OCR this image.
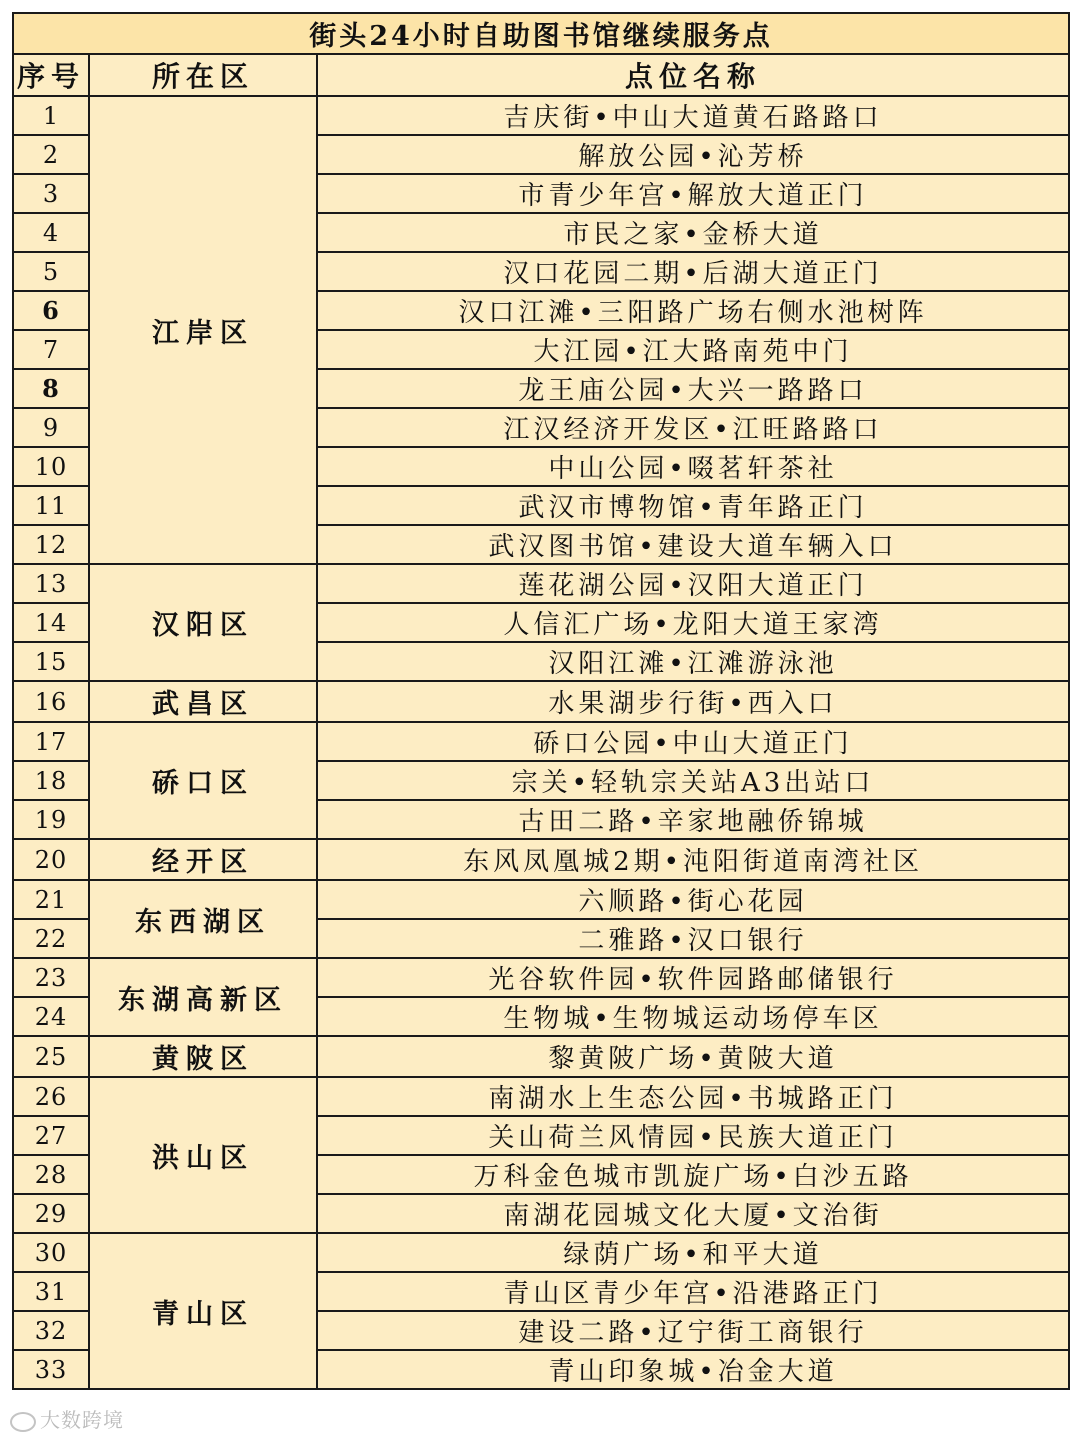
街头24小时自助图书馆继续服务点		
序号	所在区	点位名称
1	江岸区	吉庆街•中山大道黄石路路口
2		解放公园•沁芳桥
3		市青少年宫•解放大道正门
4		市民之家•金桥大道
5		汉口花园二期•后湖大道正门
6		汉口江滩•三阳路广场右侧水池树阵
7		大江园•江大路南苑中门
8		龙王庙公园•大兴一路路口
9		江汉经济开发区•江旺路路口
10		中山公园•啜茗轩茶社
11		武汉市博物馆•青年路正门
12		武汉图书馆•建设大道车辆入口
13	汉阳区	莲花湖公园•汉阳大道正门
14		人信汇广场•龙阳大道王家湾
15		汉阳江滩•江滩游泳池
16	武昌区	水果湖步行街•西入口
17	硚口区	硚口公园•中山大道正门
18		宗关•轻轨宗关站A3出站口
19		古田二路•辛家地融侨锦城
20	经开区	东风凤凰城2期•沌阳街道南湾社区
21	东西湖区	六顺路•街心花园
22		二雅路•汉口银行
23	东湖高新区	光谷软件园•软件园路邮储银行
24		生物城•生物城运动场停车区
25	黄陂区	黎黄陂广场•黄陂大道
26	洪山区	南湖水上生态公园•书城路正门
27		关山荷兰风情园•民族大道正门
28		万科金色城市凯旋广场•白沙五路
29		南湖花园城文化大厦•文治街
30	青山区	绿荫广场•和平大道
31		青山区青少年宫•沿港路正门
32		建设二路•辽宁街工商银行
33		青山印象城•冶金大道
大数跨境
